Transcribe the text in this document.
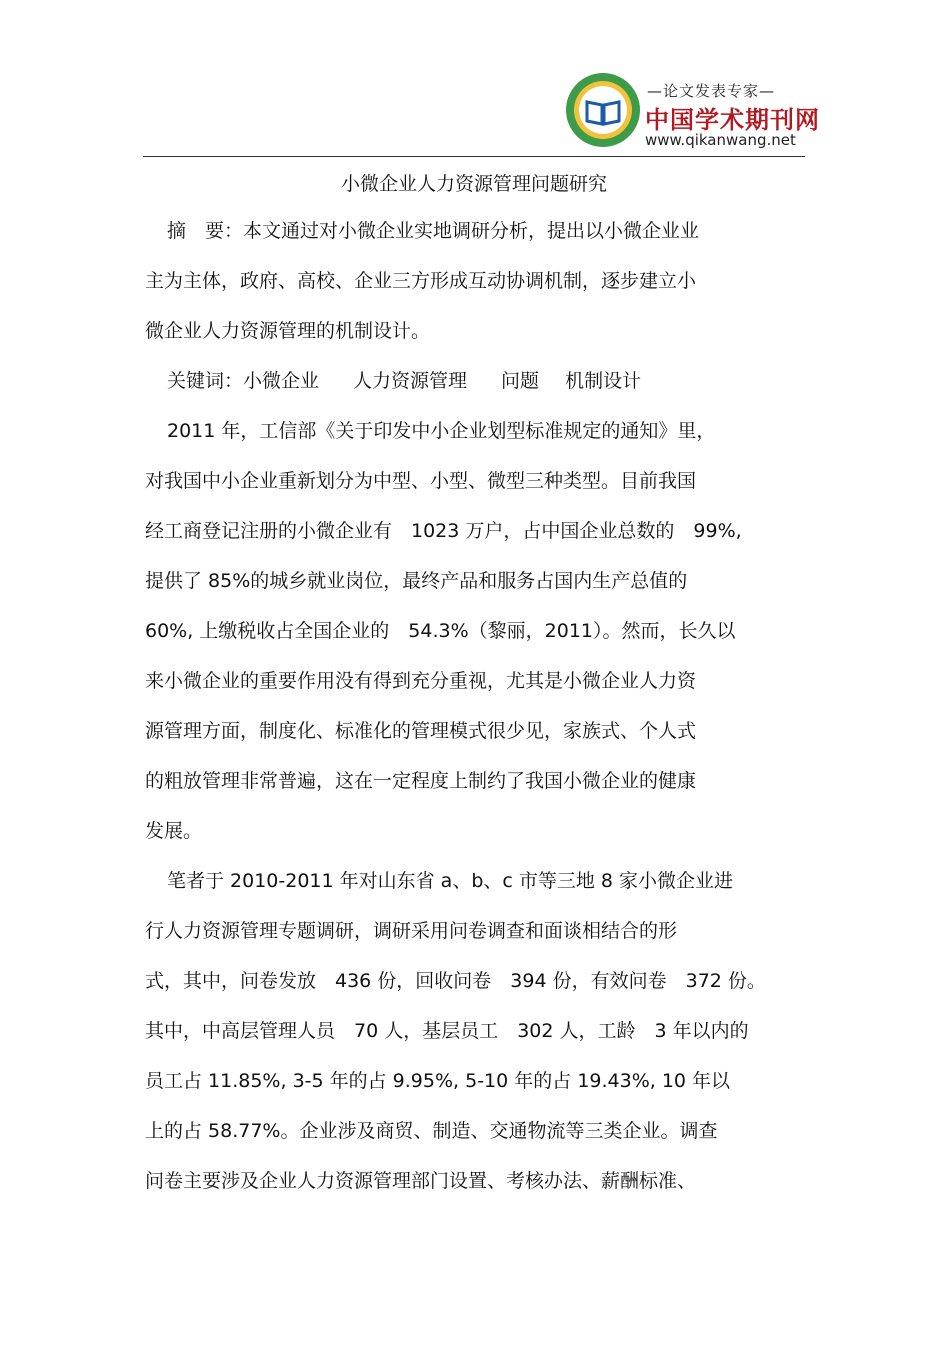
—论文发表专家—
中国学术期刊网
www.qikanwang.net
小微企业人力资源管理问题研究
摘　要：本文通过对小微企业实地调研分析，提出以小微企业业
主为主体，政府、高校、企业三方形成互动协调机制，逐步建立小
微企业人力资源管理的机制设计。
关键词：小微企业 人力资源管理 问题 机制设计
2011 年，工信部《关于印发中小企业划型标准规定的通知》里，
对我国中小企业重新划分为中型、小型、微型三种类型。目前我国
经工商登记注册的小微企业有　1023 万户，占中国企业总数的　99%,
提供了 85%的城乡就业岗位，最终产品和服务占国内生产总值的
60%, 上缴税收占全国企业的　54.3%（黎丽，2011）。然而，长久以
来小微企业的重要作用没有得到充分重视，尤其是小微企业人力资
源管理方面，制度化、标准化的管理模式很少见，家族式、个人式
的粗放管理非常普遍，这在一定程度上制约了我国小微企业的健康
发展。
笔者于 2010-2011 年对山东省 a、b、c 市等三地 8 家小微企业进
行人力资源管理专题调研，调研采用问卷调查和面谈相结合的形
式，其中，问卷发放　436 份，回收问卷　394 份，有效问卷　372 份。
其中，中高层管理人员　70 人，基层员工　302 人，工龄　3 年以内的
员工占 11.85%, 3-5 年的占 9.95%, 5-10 年的占 19.43%, 10 年以
上的占 58.77%。企业涉及商贸、制造、交通物流等三类企业。调查
问卷主要涉及企业人力资源管理部门设置、考核办法、薪酬标准、
